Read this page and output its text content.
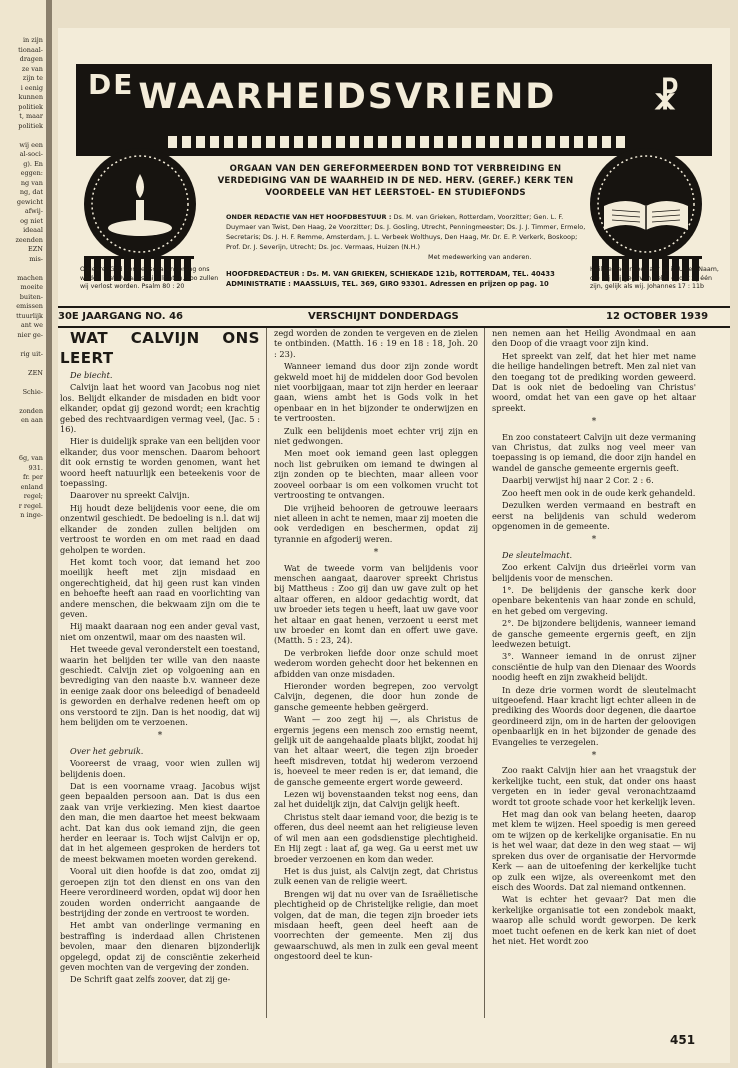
in zijn
tionaal-
dragen
ze van
zijn te
i eenig
kunnen
politiek
t, maar
politiek

wij een
al-soci-
g). En
eggen:
ng van
ng, dat
gewicht
afwij-
og niet
ideaal
zeenden
EZN
mis-

machen
moeite
buiten-
emissen
ttuurlijk
ant we
nier ge-

rig uit-

ZEN

Schie-

zonden
en aan

6g, van
931.
fr. per
enland
regel;
r regel.
n inge-
$^{DE}$ WAARHEIDSVRIEND	☧
ORGAAN VAN DEN GEREFORMEERDEN BOND TOT VERBREIDING EN VERDEDIGING VAN DE WAARHEID IN DE NED. HERV. (GEREF.) KERK TEN VOORDEELE VAN HET LEERSTOEL- EN STUDIEFONDS
ONDER REDACTIE VAN HET HOOFDBESTUUR : Ds. M. van Grieken, Rotterdam, Voorzitter; Gen. L. F. Duymaer van Twist, Den Haag, 2e Voorzitter; Ds. J. Gosling, Utrecht, Penningmeester; Ds. J. J. Timmer, Ermelo, Secretaris; Ds. J. H. F. Remme, Amsterdam, J. L. Verbeek Wolthuys, Den Haag, Mr. Dr. E. P. Verkerk, Boskoop; Prof. Dr. J. Severijn, Utrecht; Ds. Joc. Vermaas, Huizen (N.H.)
Met medewerking van anderen.
HOOFDREDACTEUR : Ds. M. VAN GRIEKEN, SCHIEKADE 121b, ROTTERDAM, TEL. 40433
ADMINISTRATIE : MAASSLUIS, TEL. 369, GIRO 93301. Adressen en prijzen op pag. 10
O Heere, God der heirscharen, breng ons weder; laat Uw aanschijn lichten, zoo zullen wij verlost worden. Psalm 80 : 20
Heilige Vader! bewaar ze in Uwen Naam, die Gij mij gegeven hebt, opdat zij één zijn, gelijk als wij. Johannes 17 : 11b
30E JAARGANG NO. 46	VERSCHIJNT DONDERDAGS	12 OCTOBER 1939

WAT CALVIJN ONS LEERT

De biecht.

Calvijn laat het woord van Jacobus nog niet los. Belijdt elkander de misdaden en bidt voor elkander, opdat gij gezond wordt; een krachtig gebed des rechtvaardigen vermag veel, (Jac. 5 : 16).

Hier is duidelijk sprake van een belijden voor elkander, dus voor menschen. Daarom behoort dit ook ernstig te worden genomen, want het woord heeft natuurlijk een beteekenis voor de toepassing.

Daarover nu spreekt Calvijn.

Hij houdt deze belijdenis voor eene, die om onzentwil geschiedt. De bedoeling is n.l. dat wij elkander de zonden zullen belijden om vertroost te worden en om met raad en daad geholpen te worden.

Het komt toch voor, dat iemand het zoo moeilijk heeft met zijn misdaad en ongerechtigheid, dat hij geen rust kan vinden en behoefte heeft aan raad en voorlichting van andere menschen, die bekwaam zijn om die te geven.

Hij maakt daaraan nog een ander geval vast, niet om onzentwil, maar om des naasten wil.

Het tweede geval veronderstelt een toestand, waarin het belijden ter wille van den naaste geschiedt. Calvijn ziet op volgoening aan en bevrediging van den naaste b.v. wanneer deze in eenige zaak door ons beleedigd of benadeeld is geworden en derhalve redenen heeft om op ons verstoord te zijn. Dan is het noodig, dat wij hem belijden om te verzoenen.

*

Over het gebruik.

Vooreerst de vraag, voor wien zullen wij belijdenis doen.

Dat is een voorname vraag. Jacobus wijst geen bepaalden persoon aan. Dat is dus een zaak van vrije verkiezing. Men kiest daartoe den man, die men daartoe het meest bekwaam acht. Dat kan dus ook iemand zijn, die geen herder en leeraar is. Toch wijst Calvijn er op, dat in het algemeen gesproken de herders tot de meest bekwamen moeten worden gerekend.

Vooral uit dien hoofde is dat zoo, omdat zij geroepen zijn tot den dienst en ons van den Heere verordineerd worden, opdat wij door hen zouden worden onderricht aangaande de bestrijding der zonde en vertroost te worden.

Het ambt van onderlinge vermaning en bestraffing is inderdaad allen Christenen bevolen, maar den dienaren bijzonderlijk opgelegd, opdat zij de consciëntie zekerheid geven mochten van de vergeving der zonden.

De Schrift gaat zelfs zoover, dat zij ge-

zegd worden de zonden te vergeven en de zielen te ontbinden. (Matth. 16 : 19 en 18 : 18, Joh. 20 : 23).

Wanneer iemand dus door zijn zonde wordt gekweld moet hij de middelen door God bevolen niet voorbijgaan, maar tot zijn herder en leeraar gaan, wiens ambt het is Gods volk in het openbaar en in het bijzonder te onderwijzen en te vertroosten.

Zulk een belijdenis moet echter vrij zijn en niet gedwongen.

Men moet ook iemand geen last opleggen noch list gebruiken om iemand te dwingen al zijn zonden op te biechten, maar alleen voor zooveel oorbaar is om een volkomen vrucht tot vertroosting te ontvangen.

Die vrijheid behooren de getrouwe leeraars niet alleen in acht te nemen, maar zij moeten die ook verdedigen en beschermen, opdat zij tyrannie en afgoderij weren.

*

Wat de tweede vorm van belijdenis voor menschen aangaat, daarover spreekt Christus bij Mattheus : Zoo gij dan uw gave zult op het altaar offeren, en aldoor gedachtig wordt, dat uw broeder iets tegen u heeft, laat uw gave voor het altaar en gaat henen, verzoent u eerst met uw broeder en komt dan en offert uwe gave. (Matth. 5 : 23, 24).

De verbroken liefde door onze schuld moet wederom worden gehecht door het bekennen en afbidden van onze misdaden.

Hieronder worden begrepen, zoo vervolgt Calvijn, degenen, die door hun zonde de gansche gemeente hebben geërgerd.

Want — zoo zegt hij —, als Christus de ergernis jegens een mensch zoo ernstig neemt, gelijk uit de aangehaalde plaats blijkt, zoodat hij van het altaar weert, die tegen zijn broeder heeft misdreven, totdat hij wederom verzoend is, hoeveel te meer reden is er, dat iemand, die de gansche gemeente ergert worde geweerd.

Lezen wij bovenstaanden tekst nog eens, dan zal het duidelijk zijn, dat Calvijn gelijk heeft.

Christus stelt daar iemand voor, die bezig is te offeren, dus deel neemt aan het religieuse leven of wil men aan een godsdienstige plechtigheid. En Hij zegt : laat af, ga weg. Ga u eerst met uw broeder verzoenen en kom dan weder.

Het is dus juist, als Calvijn zegt, dat Christus zulk eenen van de religie weert.

Brengen wij dat nu over van de Israëlietische plechtigheid op de Christelijke religie, dan moet volgen, dat de man, die tegen zijn broeder iets misdaan heeft, geen deel heeft aan de voorrechten der gemeente. Men zij dus gewaarschuwd, als men in zulk een geval meent ongestoord deel te kun-

nen nemen aan het Heilig Avondmaal en aan den Doop of die vraagt voor zijn kind.

Het spreekt van zelf, dat het hier met name die heilige handelingen betreft. Men zal niet van den toegang tot de prediking worden geweerd. Dat is ook niet de bedoeling van Christus' woord, omdat het van een gave op het altaar spreekt.

*

En zoo constateert Calvijn uit deze vermaning van Christus, dat zulks nog veel meer van toepassing is op iemand, die door zijn handel en wandel de gansche gemeente ergernis geeft.

Daarbij verwijst hij naar 2 Cor. 2 : 6.

Zoo heeft men ook in de oude kerk gehandeld.

Dezulken werden vermaand en bestraft en eerst na belijdenis van schuld wederom opgenomen in de gemeente.

*

De sleutelmacht.

Zoo erkent Calvijn dus drieërlei vorm van belijdenis voor de menschen.

1°. De belijdenis der gansche kerk door openbare bekentenis van haar zonde en schuld, en het gebed om vergeving.

2°. De bijzondere belijdenis, wanneer iemand de gansche gemeente ergernis geeft, en zijn leedwezen betuigt.

3°. Wanneer iemand in de onrust zijner consciëntie de hulp van den Dienaar des Woords noodig heeft en zijn zwakheid belijdt.

In deze drie vormen wordt de sleutelmacht uitgeoefend. Haar kracht ligt echter alleen in de prediking des Woords door degenen, die daartoe geordineerd zijn, om in de harten der geloovigen openbaarlijk en in het bijzonder de genade des Evangelies te verzegelen.

*

Zoo raakt Calvijn hier aan het vraagstuk der kerkelijke tucht, een stuk, dat onder ons haast vergeten en in ieder geval veronachtzaamd wordt tot groote schade voor het kerkelijk leven.

Het mag dan ook van belang heeten, daarop met klem te wijzen. Heel spoedig is men gereed om te wijzen op de kerkelijke organisatie. En nu is het wel waar, dat deze in den weg staat — wij spreken dus over de organisatie der Hervormde Kerk — aan de uitoefening der kerkelijke tucht op zulk een wijze, als overeenkomt met den eisch des Woords. Dat zal niemand ontkennen.

Wat is echter het gevaar? Dat men die kerkelijke organisatie tot een zondebok maakt, waarop alle schuld wordt geworpen. De kerk moet tucht oefenen en de kerk kan niet of doet het niet. Het wordt zoo

451
